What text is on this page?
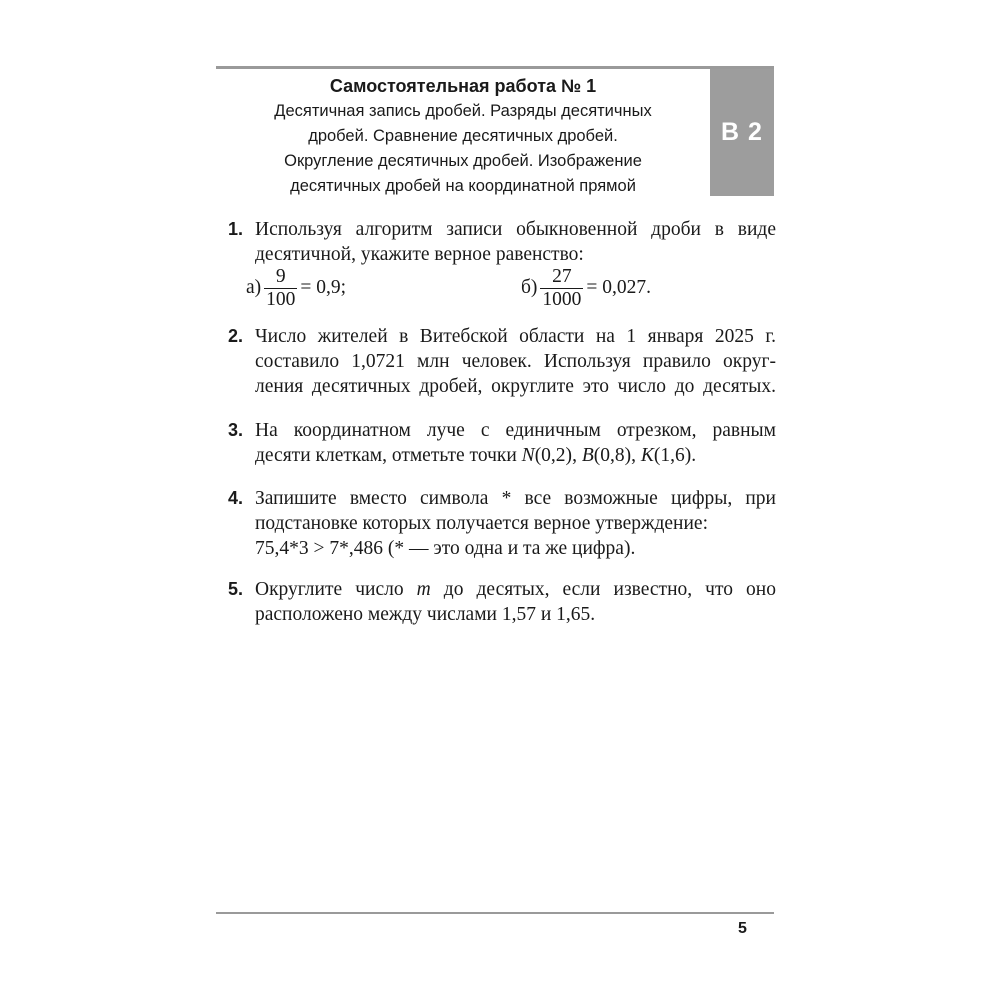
Самостоятельная работа № 1
Десятичная запись дробей. Разряды десятичных
дробей. Сравнение десятичных дробей.
Округление десятичных дробей. Изображение
десятичных дробей на координатной прямой
В 2
1. Используя алгоритм записи обыкновенной дроби в виде
десятичной, укажите верное равенство:
$а) \frac{9}{100} = 0,9$;	$б) \frac{27}{1000} = 0,027$.
2. Число жителей в Витебской области на 1 января 2025 г.
составило 1,0721 млн человек. Используя правило округ-
ления десятичных дробей, округлите это число до десятых.
3. На координатном луче с единичным отрезком, равным
десяти клеткам, отметьте точки N(0,2), B(0,8), K(1,6).
4. Запишите вместо символа * все возможные цифры, при
подстановке которых получается верное утверждение:
75,4*3 > 7*,486 (* — это одна и та же цифра).
5. Округлите число m до десятых, если известно, что оно
расположено между числами 1,57 и 1,65.
5
